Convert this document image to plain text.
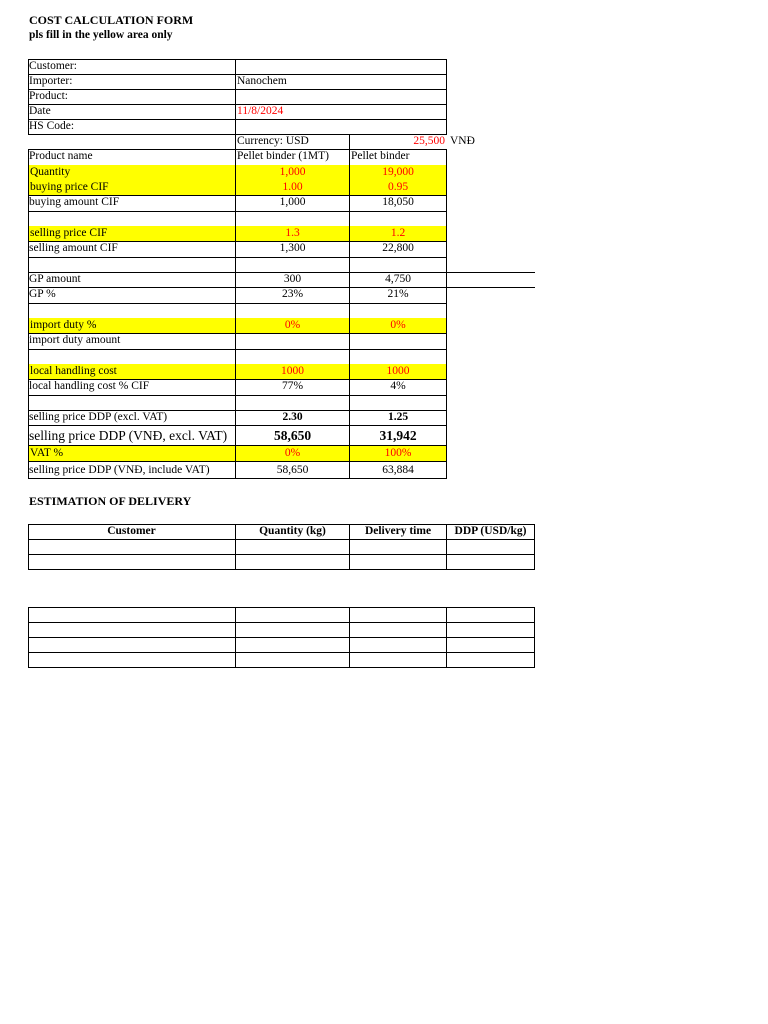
COST CALCULATION FORM
pls fill in the yellow area only
Customer:
Importer:	Nanochem
Product:
Date	11/8/2024
HS Code:
Currency: USD	25,500 VNĐ
Product name	Pellet binder (1MT)	Pellet binder
Quantity	1,000	19,000
buying price CIF	1.00	0.95
buying amount CIF	1,000	18,050
selling price CIF	1.3	1.2
selling amount CIF	1,300	22,800
GP amount	300	4,750
GP %	23%	21%
import duty %	0%	0%
import duty amount
local handling cost	1000	1000
local handling cost % CIF	77%	4%
selling price DDP (excl. VAT)	2.30	1.25
selling price DDP (VNĐ, excl. VAT)	58,650	31,942
VAT %	0%	100%
selling price DDP (VNĐ, include VAT)	58,650	63,884
ESTIMATION OF DELIVERY
Customer	Quantity (kg)	Delivery time	DDP (USD/kg)
